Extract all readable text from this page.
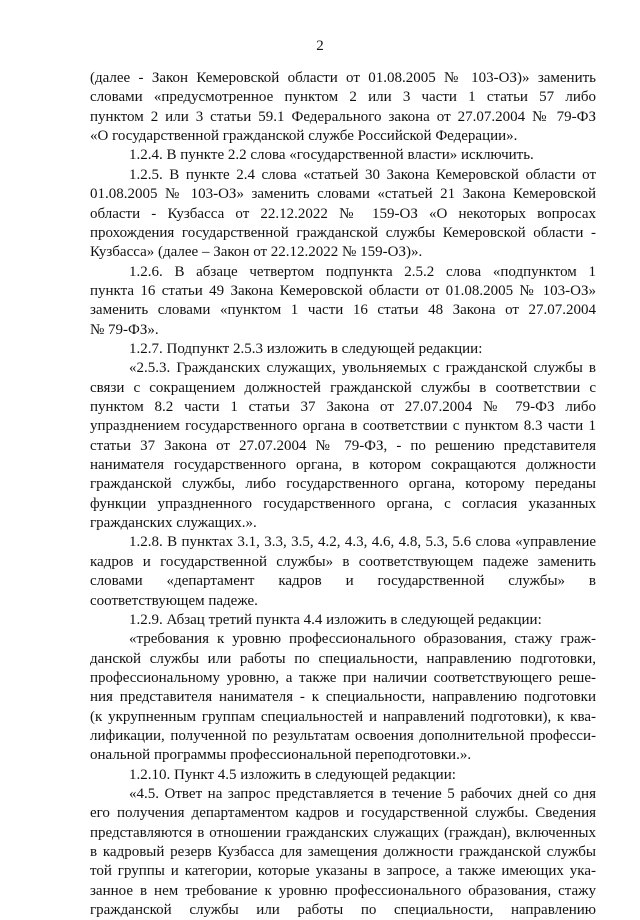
2
(далее - Закон Кемеровской области от 01.08.2005 № 103-ОЗ)» заменить
словами «предусмотренное пунктом 2 или 3 части 1 статьи 57 либо
пунктом 2 или 3 статьи 59.1 Федерального закона от 27.07.2004 № 79-ФЗ
«О государственной гражданской службе Российской Федерации».
1.2.4. В пункте 2.2 слова «государственной власти» исключить.
1.2.5. В пункте 2.4 слова «статьей 30 Закона Кемеровской области от
01.08.2005 № 103-ОЗ» заменить словами «статьей 21 Закона Кемеровской
области - Кузбасса от 22.12.2022 № 159-ОЗ «О некоторых вопросах
прохождения государственной гражданской службы Кемеровской области -
Кузбасса» (далее – Закон от 22.12.2022 № 159-ОЗ)».
1.2.6. В абзаце четвертом подпункта 2.5.2 слова «подпунктом 1
пункта 16 статьи 49 Закона Кемеровской области от 01.08.2005 № 103-ОЗ»
заменить словами «пунктом 1 части 16 статьи 48 Закона от 27.07.2004
№ 79-ФЗ».
1.2.7. Подпункт 2.5.3 изложить в следующей редакции:
«2.5.3. Гражданских служащих, увольняемых с гражданской службы в
связи с сокращением должностей гражданской службы в соответствии с
пунктом 8.2 части 1 статьи 37 Закона от 27.07.2004 № 79-ФЗ либо
упразднением государственного органа в соответствии с пунктом 8.3 части 1
статьи 37 Закона от 27.07.2004 № 79-ФЗ, - по решению представителя
нанимателя государственного органа, в котором сокращаются должности
гражданской службы, либо государственного органа, которому переданы
функции упраздненного государственного органа, с согласия указанных
гражданских служащих.».
1.2.8. В пунктах 3.1, 3.3, 3.5, 4.2, 4.3, 4.6, 4.8, 5.3, 5.6 слова «управление
кадров и государственной службы» в соответствующем падеже заменить
словами «департамент кадров и государственной службы» в
соответствующем падеже.
1.2.9. Абзац третий пункта 4.4 изложить в следующей редакции:
«требования к уровню профессионального образования, стажу граж-
данской службы или работы по специальности, направлению подготовки,
профессиональному уровню, а также при наличии соответствующего реше-
ния представителя нанимателя - к специальности, направлению подготовки
(к укрупненным группам специальностей и направлений подготовки), к ква-
лификации, полученной по результатам освоения дополнительной професси-
ональной программы профессиональной переподготовки.».
1.2.10. Пункт 4.5 изложить в следующей редакции:
«4.5. Ответ на запрос представляется в течение 5 рабочих дней со дня
его получения департаментом кадров и государственной службы. Сведения
представляются в отношении гражданских служащих (граждан), включенных
в кадровый резерв Кузбасса для замещения должности гражданской службы
той группы и категории, которые указаны в запросе, а также имеющих ука-
занное в нем требование к уровню профессионального образования, стажу
гражданской службы или работы по специальности, направлению
